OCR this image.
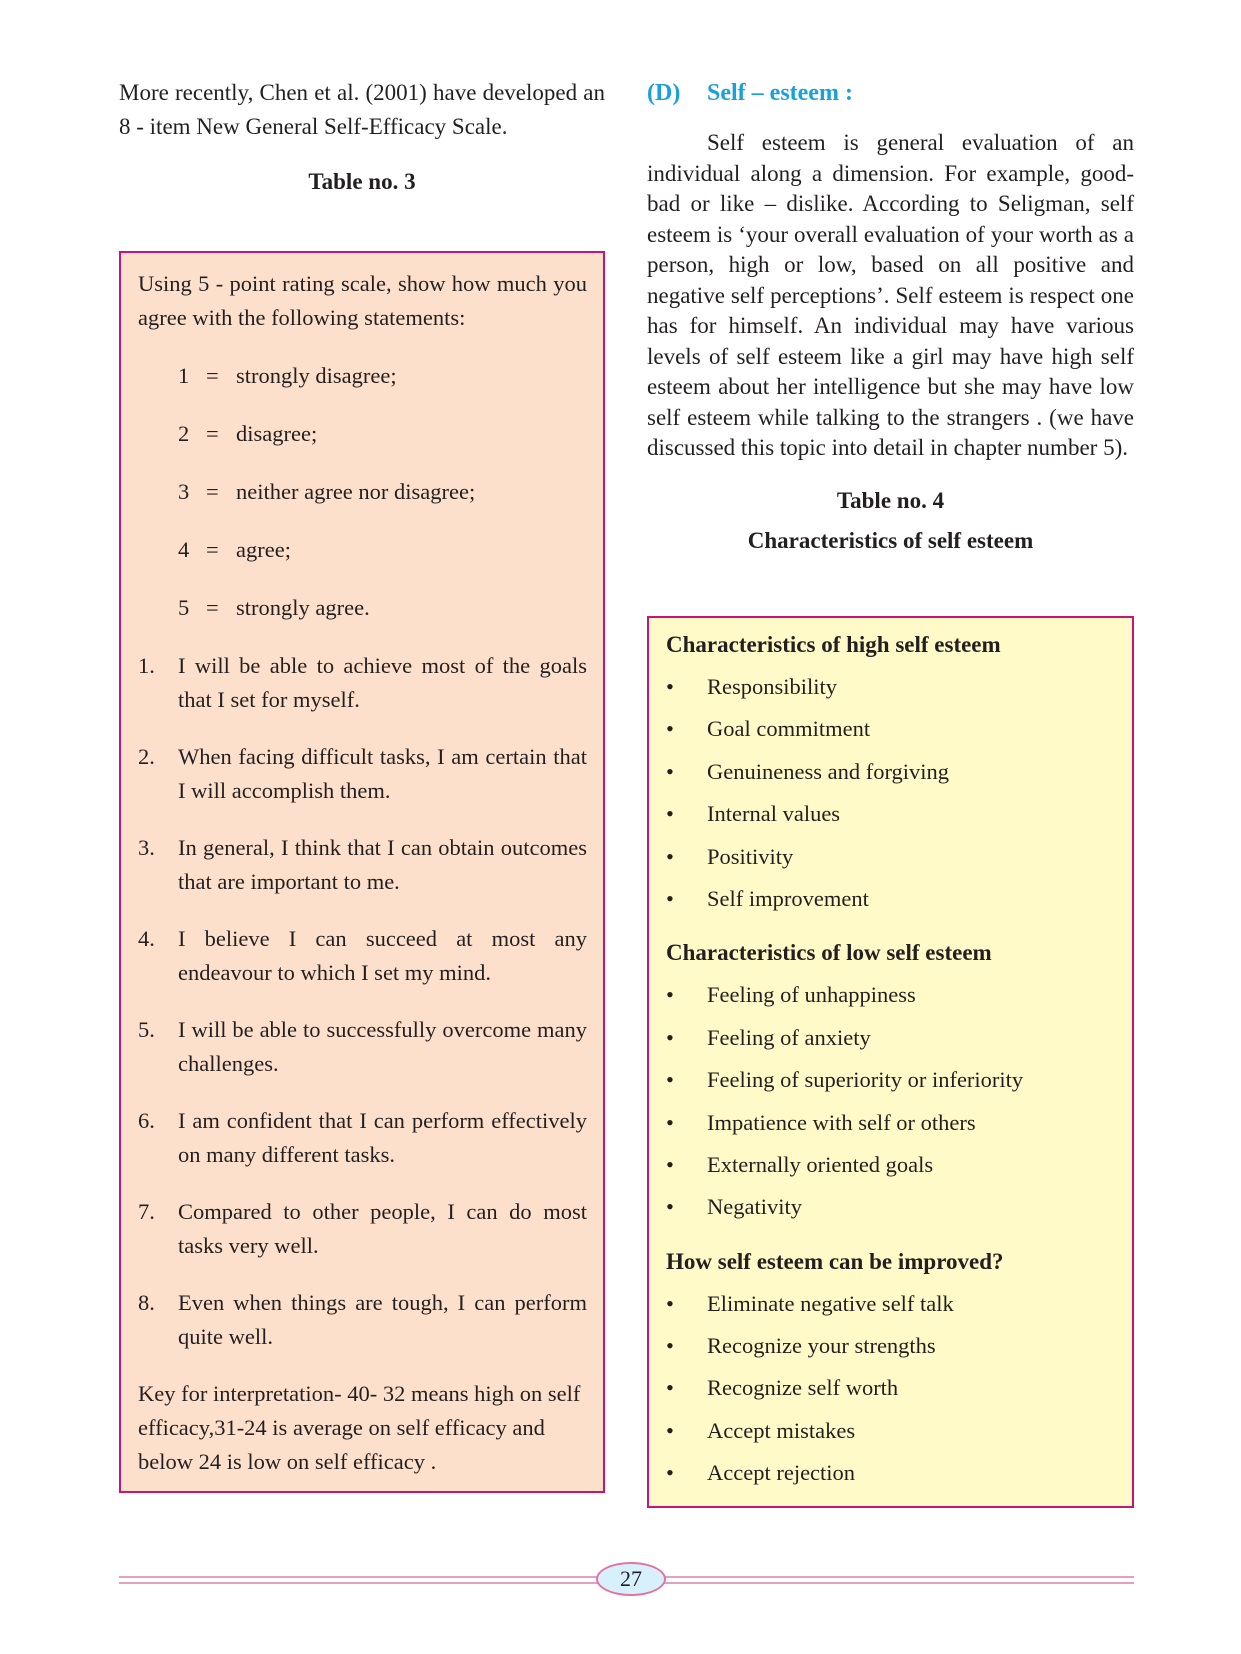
More recently, Chen et al. (2001) have developed an 8 - item New General Self-Efficacy Scale.

Table no. 3

Using 5 - point rating scale, show how much you agree with the following statements:

1 = strongly disagree;
2 = disagree;
3 = neither agree nor disagree;
4 = agree;
5 = strongly agree.
1. I will be able to achieve most of the goals that I set for myself.
2. When facing difficult tasks, I am certain that I will accomplish them.
3. In general, I think that I can obtain outcomes that are important to me.
4. I believe I can succeed at most any endeavour to which I set my mind.
5. I will be able to successfully overcome many challenges.
6. I am confident that I can perform effectively on many different tasks.
7. Compared to other people, I can do most tasks very well.
8. Even when things are tough, I can perform quite well.

Key for interpretation- 40- 32 means high on self efficacy,31-24 is average on self efficacy and below 24 is low on self efficacy .

(D) Self – esteem :

Self esteem is general evaluation of an individual along a dimension. For example, good-bad or like – dislike. According to Seligman, self esteem is ‘your overall evaluation of your worth as a person, high or low, based on all positive and negative self perceptions’. Self esteem is respect one has for himself. An individual may have various levels of self esteem like a girl may have high self esteem about her intelligence but she may have low self esteem while talking to the strangers . (we have discussed this topic into detail in chapter number 5).

Table no. 4

Characteristics of self esteem

Characteristics of high self esteem
• Responsibility
• Goal commitment
• Genuineness and forgiving
• Internal values
• Positivity
• Self improvement
Characteristics of low self esteem
• Feeling of unhappiness
• Feeling of anxiety
• Feeling of superiority or inferiority
• Impatience with self or others
• Externally oriented goals
• Negativity
How self esteem can be improved?
• Eliminate negative self talk
• Recognize your strengths
• Recognize self worth
• Accept mistakes
• Accept rejection
27
